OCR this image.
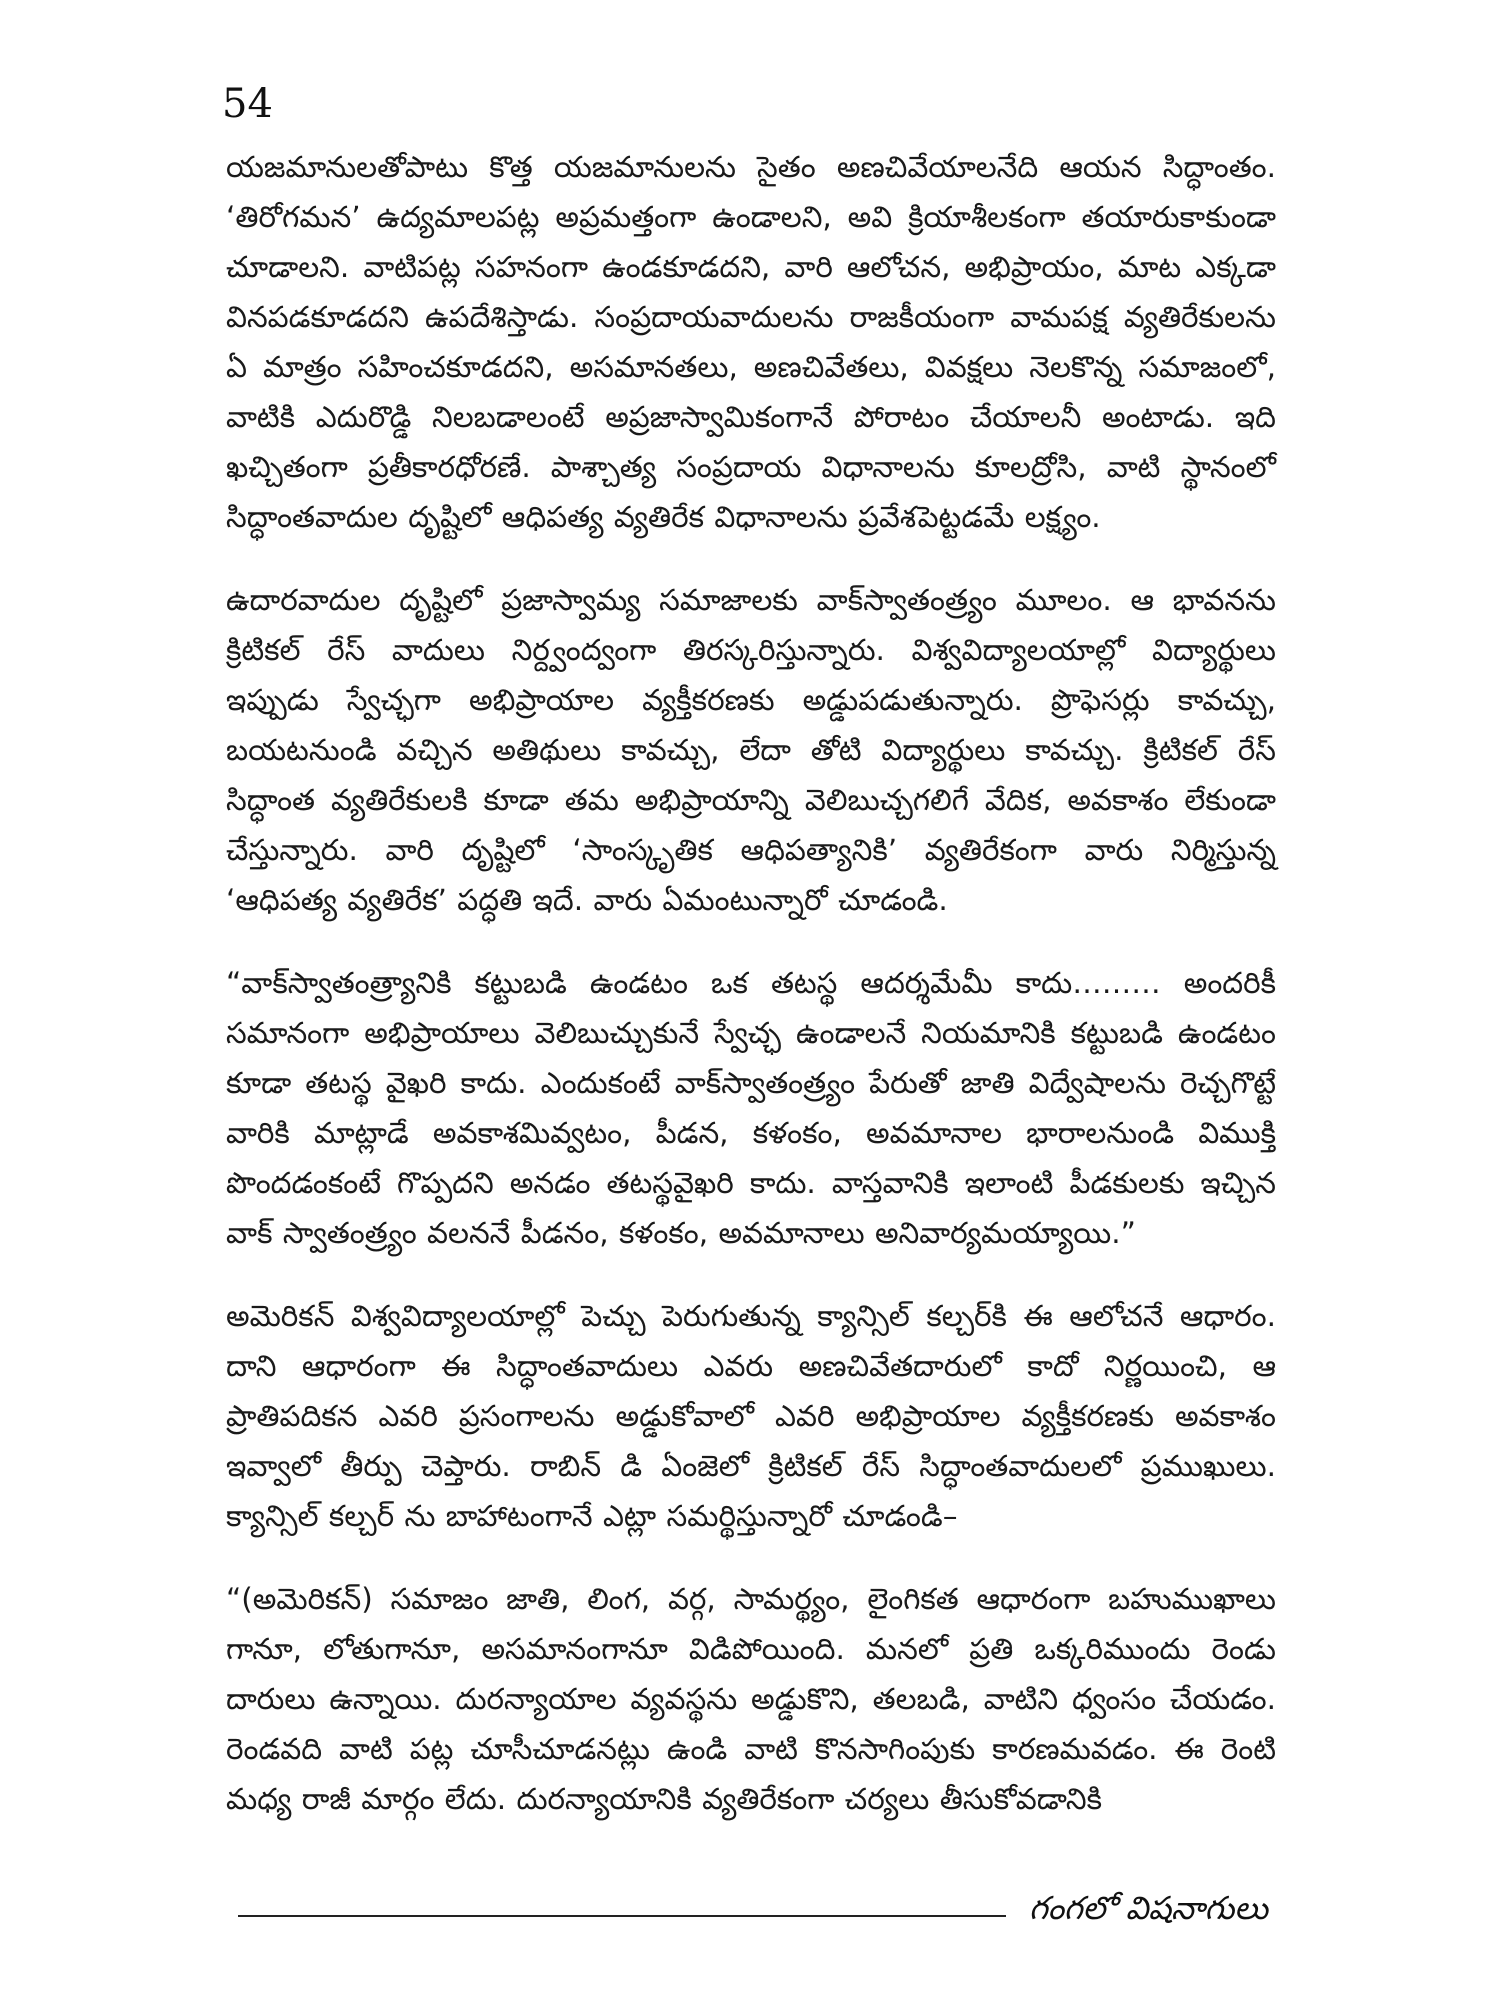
54

యజమానులతోపాటు కొత్త యజమానులను సైతం అణచివేయాలనేది ఆయన సిద్ధాంతం. ‘తిరోగమన’ ఉద్యమాలపట్ల అప్రమత్తంగా ఉండాలని, అవి క్రియాశీలకంగా తయారుకాకుండా చూడాలని. వాటిపట్ల సహనంగా ఉండకూడదని, వారి ఆలోచన, అభిప్రాయం, మాట ఎక్కడా వినపడకూడదని ఉపదేశిస్తాడు. సంప్రదాయవాదులను రాజకీయంగా వామపక్ష వ్యతిరేకులను ఏ మాత్రం సహించకూడదని, అసమానతలు, అణచివేతలు, వివక్షలు నెలకొన్న సమాజంలో, వాటికి ఎదురొడ్డి నిలబడాలంటే అప్రజాస్వామికంగానే పోరాటం చేయాలనీ అంటాడు. ఇది ఖచ్చితంగా ప్రతీకారధోరణే. పాశ్చాత్య సంప్రదాయ విధానాలను కూలద్రోసి, వాటి స్థానంలో సిద్ధాంతవాదుల దృష్టిలో ఆధిపత్య వ్యతిరేక విధానాలను ప్రవేశపెట్టడమే లక్ష్యం.

ఉదారవాదుల దృష్టిలో ప్రజాస్వామ్య సమాజాలకు వాక్‌స్వాతంత్ర్యం మూలం. ఆ భావనను క్రిటికల్ రేస్ వాదులు నిర్ద్వంద్వంగా తిరస్కరిస్తున్నారు. విశ్వవిద్యాలయాల్లో విద్యార్థులు ఇప్పుడు స్వేచ్ఛగా అభిప్రాయాల వ్యక్తీకరణకు అడ్డుపడుతున్నారు. ప్రొఫెసర్లు కావచ్చు, బయటనుండి వచ్చిన అతిథులు కావచ్చు, లేదా తోటి విద్యార్థులు కావచ్చు. క్రిటికల్ రేస్ సిద్ధాంత వ్యతిరేకులకి కూడా తమ అభిప్రాయాన్ని వెలిబుచ్చగలిగే వేదిక, అవకాశం లేకుండా చేస్తున్నారు. వారి దృష్టిలో ‘సాంస్కృతిక ఆధిపత్యానికి’ వ్యతిరేకంగా వారు నిర్మిస్తున్న ‘ఆధిపత్య వ్యతిరేక’ పద్ధతి ఇదే. వారు ఏమంటున్నారో చూడండి.

“వాక్‌స్వాతంత్ర్యానికి కట్టుబడి ఉండటం ఒక తటస్థ ఆదర్శమేమీ కాదు……… అందరికీ సమానంగా అభిప్రాయాలు వెలిబుచ్చుకునే స్వేచ్ఛ ఉండాలనే నియమానికి కట్టుబడి ఉండటం కూడా తటస్థ వైఖరి కాదు. ఎందుకంటే వాక్‌స్వాతంత్ర్యం పేరుతో జాతి విద్వేషాలను రెచ్చగొట్టే వారికి మాట్లాడే అవకాశమివ్వటం, పీడన, కళంకం, అవమానాల భారాలనుండి విముక్తి పొందడంకంటే గొప్పదని అనడం తటస్థవైఖరి కాదు. వాస్తవానికి ఇలాంటి పీడకులకు ఇచ్చిన వాక్ స్వాతంత్ర్యం వలననే పీడనం, కళంకం, అవమానాలు అనివార్యమయ్యాయి.”

అమెరికన్ విశ్వవిద్యాలయాల్లో పెచ్చు పెరుగుతున్న క్యాన్సిల్ కల్చర్‌కి ఈ ఆలోచనే ఆధారం. దాని ఆధారంగా ఈ సిద్ధాంతవాదులు ఎవరు అణచివేతదారులో కాదో నిర్ణయించి, ఆ ప్రాతిపదికన ఎవరి ప్రసంగాలను అడ్డుకోవాలో ఎవరి అభిప్రాయాల వ్యక్తీకరణకు అవకాశం ఇవ్వాలో తీర్పు చెప్తారు. రాబిన్ డి ఏంజెలో క్రిటికల్ రేస్ సిద్ధాంతవాదులలో ప్రముఖులు. క్యాన్సిల్ కల్చర్ ను బాహాటంగానే ఎట్లా సమర్థిస్తున్నారో చూడండి–

“(అమెరికన్) సమాజం జాతి, లింగ, వర్గ, సామర్థ్యం, లైంగికత ఆధారంగా బహుముఖాలు గానూ, లోతుగానూ, అసమానంగానూ విడిపోయింది. మనలో ప్రతి ఒక్కరిముందు రెండు దారులు ఉన్నాయి. దురన్యాయాల వ్యవస్థను అడ్డుకొని, తలబడి, వాటిని ధ్వంసం చేయడం. రెండవది వాటి పట్ల చూసీచూడనట్లు ఉండి వాటి కొనసాగింపుకు కారణమవడం. ఈ రెంటి మధ్య రాజీ మార్గం లేదు. దురన్యాయానికి వ్యతిరేకంగా చర్యలు తీసుకోవడానికి

గంగలో విషనాగులు
